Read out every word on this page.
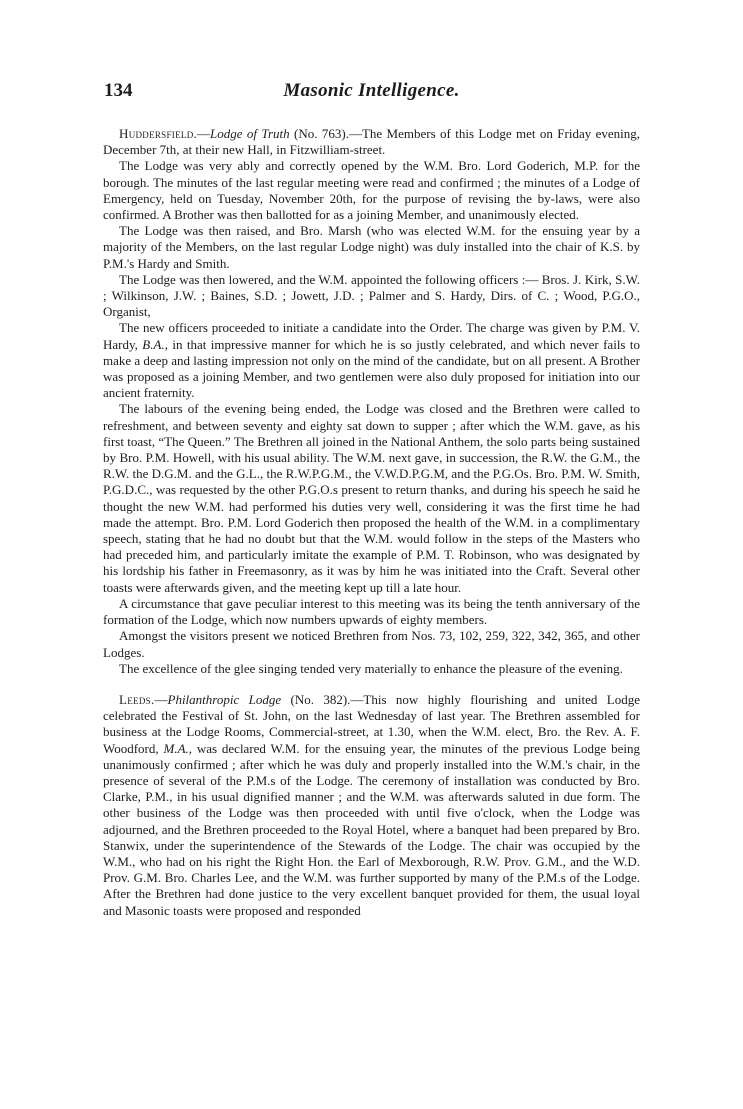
134	Masonic Intelligence.

Huddersfield.—Lodge of Truth (No. 763).—The Members of this Lodge met on Friday evening, December 7th, at their new Hall, in Fitzwilliam-street.

The Lodge was very ably and correctly opened by the W.M. Bro. Lord Goderich, M.P. for the borough. The minutes of the last regular meeting were read and confirmed ; the minutes of a Lodge of Emergency, held on Tuesday, November 20th, for the purpose of revising the by-laws, were also confirmed. A Brother was then ballotted for as a joining Member, and unanimously elected.

The Lodge was then raised, and Bro. Marsh (who was elected W.M. for the ensuing year by a majority of the Members, on the last regular Lodge night) was duly installed into the chair of K.S. by P.M.'s Hardy and Smith.

The Lodge was then lowered, and the W.M. appointed the following officers :— Bros. J. Kirk, S.W. ; Wilkinson, J.W. ; Baines, S.D. ; Jowett, J.D. ; Palmer and S. Hardy, Dirs. of C. ; Wood, P.G.O., Organist,

The new officers proceeded to initiate a candidate into the Order. The charge was given by P.M. V. Hardy, B.A., in that impressive manner for which he is so justly celebrated, and which never fails to make a deep and lasting impression not only on the mind of the candidate, but on all present. A Brother was proposed as a joining Member, and two gentlemen were also duly proposed for initiation into our ancient fraternity.

The labours of the evening being ended, the Lodge was closed and the Brethren were called to refreshment, and between seventy and eighty sat down to supper ; after which the W.M. gave, as his first toast, “The Queen.” The Brethren all joined in the National Anthem, the solo parts being sustained by Bro. P.M. Howell, with his usual ability. The W.M. next gave, in succession, the R.W. the G.M., the R.W. the D.G.M. and the G.L., the R.W.P.G.M., the V.W.D.P.G.M, and the P.G.Os. Bro. P.M. W. Smith, P.G.D.C., was requested by the other P.G.O.s present to return thanks, and during his speech he said he thought the new W.M. had performed his duties very well, considering it was the first time he had made the attempt. Bro. P.M. Lord Goderich then proposed the health of the W.M. in a complimentary speech, stating that he had no doubt but that the W.M. would follow in the steps of the Masters who had preceded him, and particularly imitate the example of P.M. T. Robinson, who was designated by his lordship his father in Freemasonry, as it was by him he was initiated into the Craft. Several other toasts were afterwards given, and the meeting kept up till a late hour.

A circumstance that gave peculiar interest to this meeting was its being the tenth anniversary of the formation of the Lodge, which now numbers upwards of eighty members.

Amongst the visitors present we noticed Brethren from Nos. 73, 102, 259, 322, 342, 365, and other Lodges.

The excellence of the glee singing tended very materially to enhance the pleasure of the evening.

Leeds.—Philanthropic Lodge (No. 382).—This now highly flourishing and united Lodge celebrated the Festival of St. John, on the last Wednesday of last year. The Brethren assembled for business at the Lodge Rooms, Commercial-street, at 1.30, when the W.M. elect, Bro. the Rev. A. F. Woodford, M.A., was declared W.M. for the ensuing year, the minutes of the previous Lodge being unanimously confirmed ; after which he was duly and properly installed into the W.M.'s chair, in the presence of several of the P.M.s of the Lodge. The ceremony of installation was conducted by Bro. Clarke, P.M., in his usual dignified manner ; and the W.M. was afterwards saluted in due form. The other business of the Lodge was then proceeded with until five o'clock, when the Lodge was adjourned, and the Brethren proceeded to the Royal Hotel, where a banquet had been prepared by Bro. Stanwix, under the superintendence of the Stewards of the Lodge. The chair was occupied by the W.M., who had on his right the Right Hon. the Earl of Mexborough, R.W. Prov. G.M., and the W.D. Prov. G.M. Bro. Charles Lee, and the W.M. was further supported by many of the P.M.s of the Lodge. After the Brethren had done justice to the very excellent banquet provided for them, the usual loyal and Masonic toasts were proposed and responded
